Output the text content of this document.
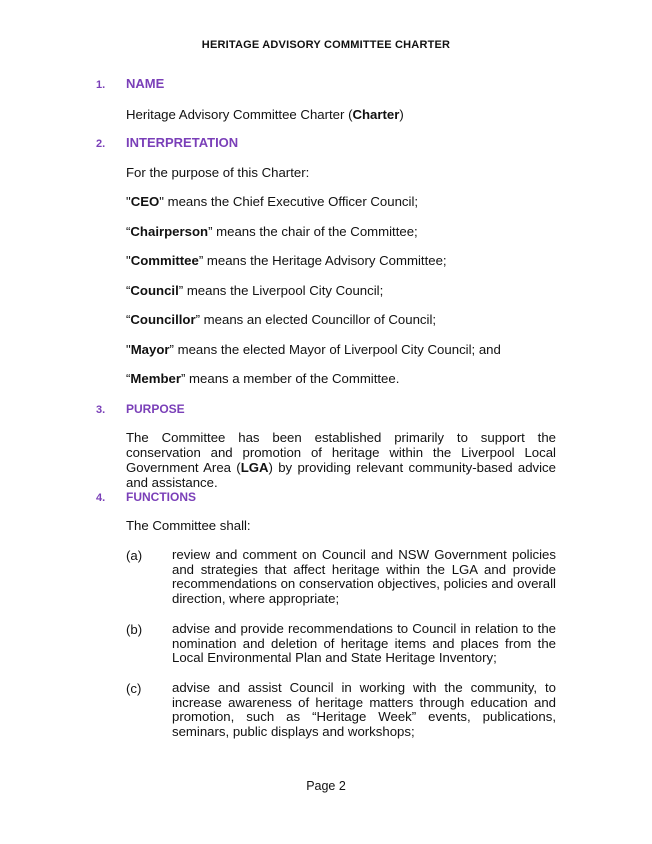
HERITAGE ADVISORY COMMITTEE CHARTER
1. NAME
Heritage Advisory Committee Charter (Charter)
2. INTERPRETATION
For the purpose of this Charter:
"CEO" means the Chief Executive Officer Council;
“Chairperson” means the chair of the Committee;
"Committee” means the Heritage Advisory Committee;
“Council” means the Liverpool City Council;
“Councillor” means an elected Councillor of Council;
"Mayor” means the elected Mayor of Liverpool City Council; and
“Member” means a member of the Committee.
3. PURPOSE
The Committee has been established primarily to support the conservation and promotion of heritage within the Liverpool Local Government Area (LGA) by providing relevant community-based advice and assistance.
4. FUNCTIONS
The Committee shall:
(a) review and comment on Council and NSW Government policies and strategies that affect heritage within the LGA and provide recommendations on conservation objectives, policies and overall direction, where appropriate;
(b) advise and provide recommendations to Council in relation to the nomination and deletion of heritage items and places from the Local Environmental Plan and State Heritage Inventory;
(c) advise and assist Council in working with the community, to increase awareness of heritage matters through education and promotion, such as “Heritage Week” events, publications, seminars, public displays and workshops;
Page 2
